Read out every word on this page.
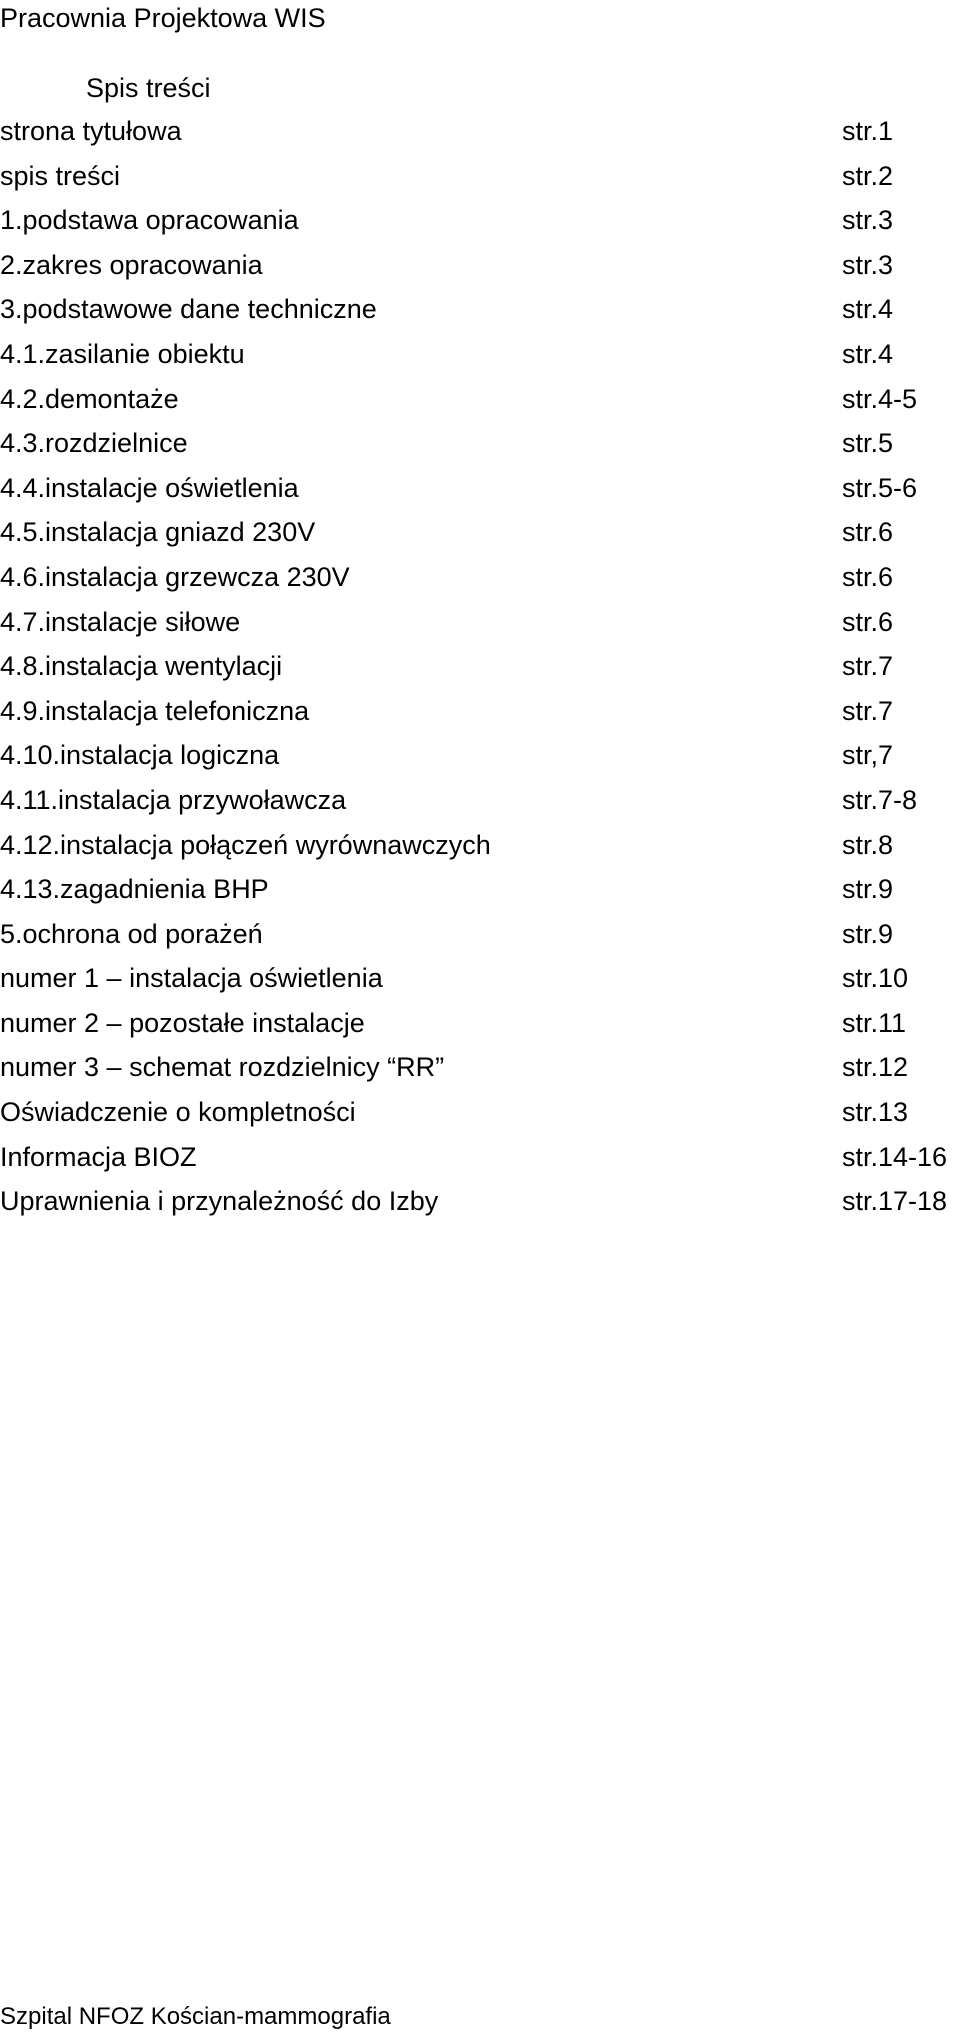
Pracownia Projektowa WIS
Spis treści
strona tytułowa	str.1
spis treści	str.2
1.podstawa opracowania	str.3
2.zakres opracowania	str.3
3.podstawowe dane techniczne	str.4
4.1.zasilanie obiektu	str.4
4.2.demontaże	str.4-5
4.3.rozdzielnice	str.5
4.4.instalacje oświetlenia	str.5-6
4.5.instalacja gniazd 230V	str.6
4.6.instalacja grzewcza 230V	str.6
4.7.instalacje siłowe	str.6
4.8.instalacja wentylacji	str.7
4.9.instalacja telefoniczna	str.7
4.10.instalacja logiczna	str,7
4.11.instalacja przywoławcza	str.7-8
4.12.instalacja połączeń wyrównawczych	str.8
4.13.zagadnienia BHP	str.9
5.ochrona od porażeń	str.9
numer 1 – instalacja oświetlenia	str.10
numer 2 – pozostałe instalacje	str.11
numer 3 – schemat rozdzielnicy “RR”	str.12
Oświadczenie o kompletności	str.13
Informacja BIOZ	str.14-16
Uprawnienia i przynależność do Izby	str.17-18
Szpital NFOZ Kościan-mammografia
